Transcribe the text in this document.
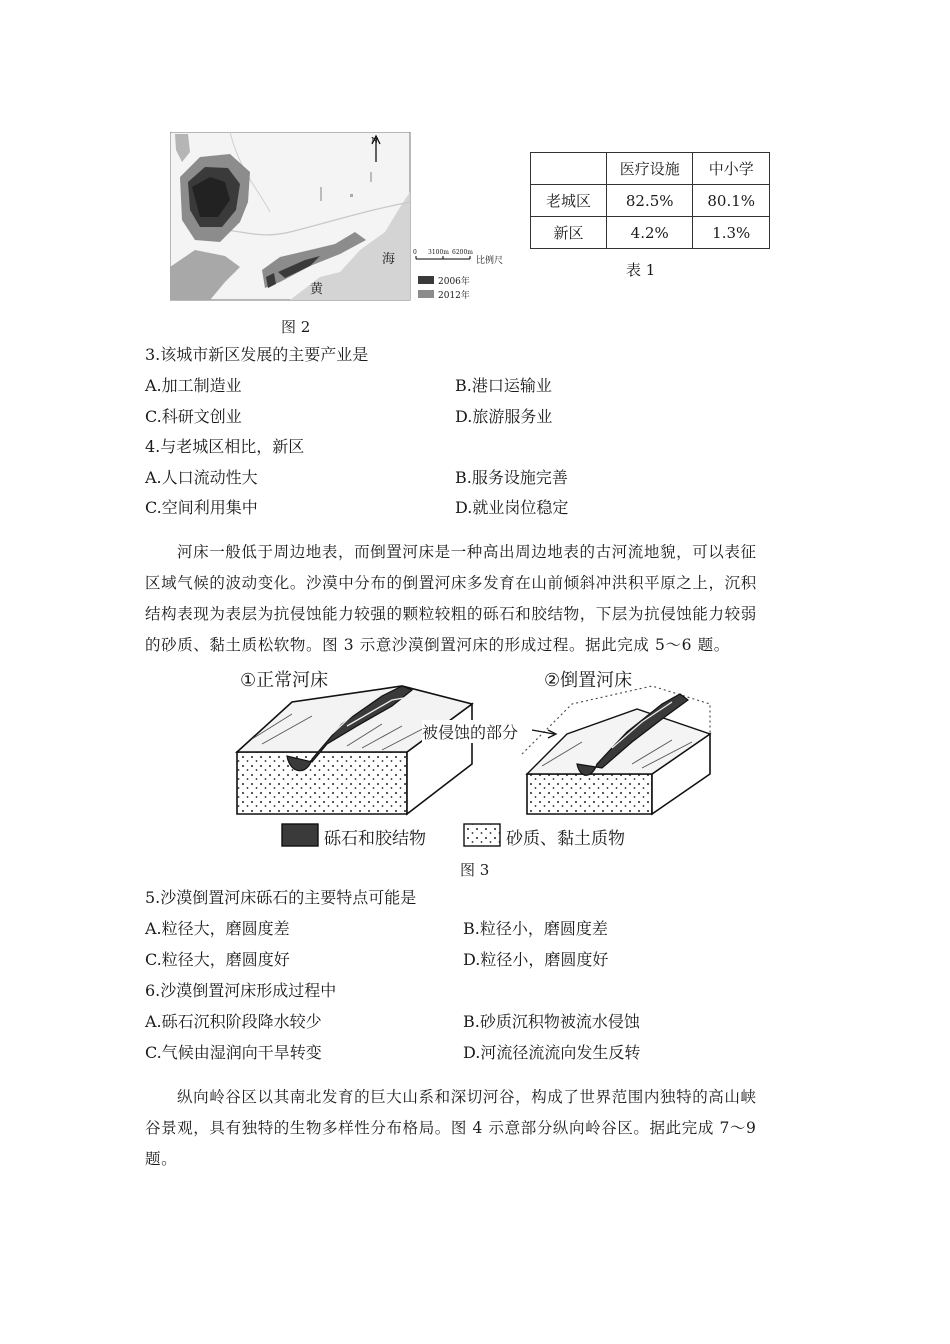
N
海
黄
0 3100m 6200m
比例尺
2006年
2012年
图 2
	医疗设施	中小学
老城区	82.5%	80.1%
新区	4.2%	1.3%
表 1
3.该城市新区发展的主要产业是
A.加工制造业	B.港口运输业
C.科研文创业	D.旅游服务业
4.与老城区相比，新区
A.人口流动性大	B.服务设施完善
C.空间利用集中	D.就业岗位稳定
河床一般低于周边地表，而倒置河床是一种高出周边地表的古河流地貌，可以表征
区域气候的波动变化。沙漠中分布的倒置河床多发育在山前倾斜冲洪积平原之上，沉积
结构表现为表层为抗侵蚀能力较强的颗粒较粗的砾石和胶结物，下层为抗侵蚀能力较弱
的砂质、黏土质松软物。图 3 示意沙漠倒置河床的形成过程。据此完成 5～6 题。
①正常河床	②倒置河床
被侵蚀的部分
砾石和胶结物	砂质、黏土质物
图 3
5.沙漠倒置河床砾石的主要特点可能是
A.粒径大，磨圆度差	B.粒径小，磨圆度差
C.粒径大，磨圆度好	D.粒径小，磨圆度好
6.沙漠倒置河床形成过程中
A.砾石沉积阶段降水较少	B.砂质沉积物被流水侵蚀
C.气候由湿润向干旱转变	D.河流径流流向发生反转
纵向岭谷区以其南北发育的巨大山系和深切河谷，构成了世界范围内独特的高山峡
谷景观，具有独特的生物多样性分布格局。图 4 示意部分纵向岭谷区。据此完成 7～9
题。
